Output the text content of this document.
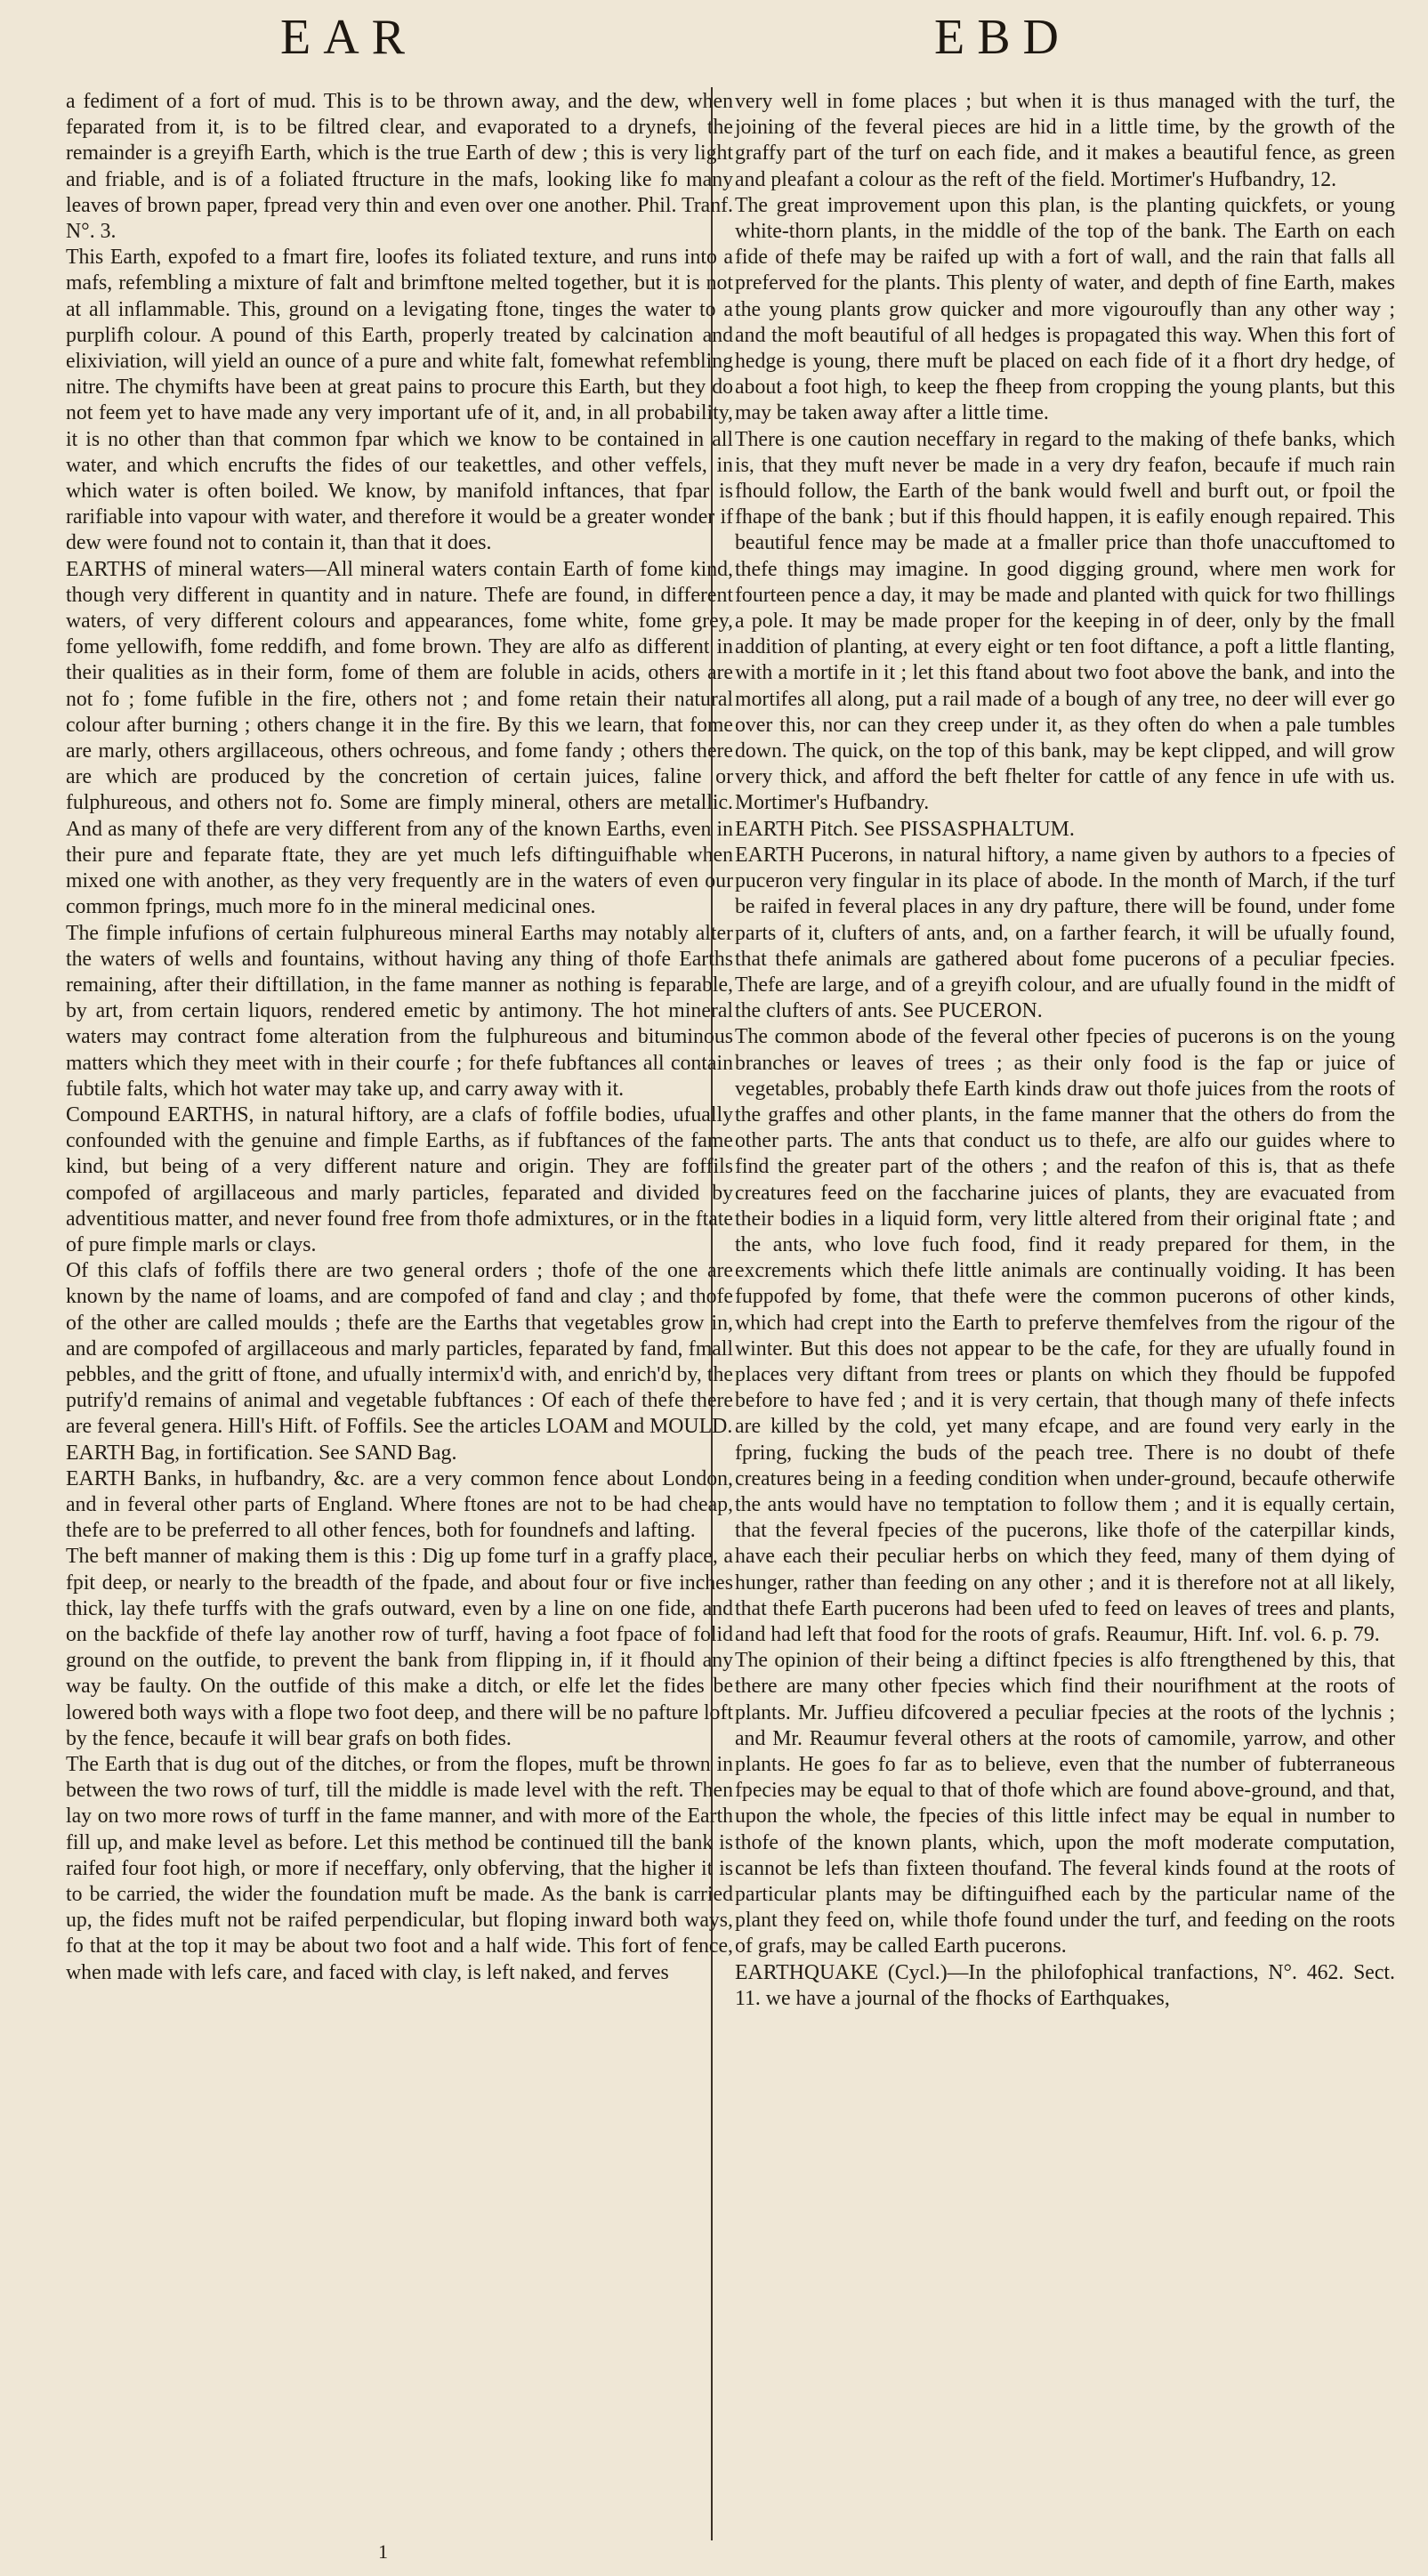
EAR	EBD

a fediment of a fort of mud. This is to be thrown away, and the dew, when feparated from it, is to be filtred clear, and evaporated to a drynefs, the remainder is a greyifh Earth, which is the true Earth of dew ; this is very light and friable, and is of a foliated ftructure in the mafs, looking like fo many leaves of brown paper, fpread very thin and even over one another. Phil. Tranf. N°. 3.

This Earth, expofed to a fmart fire, loofes its foliated texture, and runs into a mafs, refembling a mixture of falt and brimftone melted together, but it is not at all inflammable. This, ground on a levigating ftone, tinges the water to a purplifh colour. A pound of this Earth, properly treated by calcination and elixiviation, will yield an ounce of a pure and white falt, fomewhat refembling nitre. The chymifts have been at great pains to procure this Earth, but they do not feem yet to have made any very important ufe of it, and, in all probability, it is no other than that common fpar which we know to be contained in all water, and which encrufts the fides of our teakettles, and other veffels, in which water is often boiled. We know, by manifold inftances, that fpar is rarifiable into vapour with water, and therefore it would be a greater wonder if dew were found not to contain it, than that it does.

EARTHS of mineral waters—All mineral waters contain Earth of fome kind, though very different in quantity and in nature. Thefe are found, in different waters, of very different colours and appearances, fome white, fome grey, fome yellowifh, fome reddifh, and fome brown. They are alfo as different in their qualities as in their form, fome of them are foluble in acids, others are not fo ; fome fufible in the fire, others not ; and fome retain their natural colour after burning ; others change it in the fire. By this we learn, that fome are marly, others argillaceous, others ochreous, and fome fandy ; others there are which are produced by the concretion of certain juices, faline or fulphureous, and others not fo. Some are fimply mineral, others are metallic. And as many of thefe are very different from any of the known Earths, even in their pure and feparate ftate, they are yet much lefs diftinguifhable when mixed one with another, as they very frequently are in the waters of even our common fprings, much more fo in the mineral medicinal ones.

The fimple infufions of certain fulphureous mineral Earths may notably alter the waters of wells and fountains, without having any thing of thofe Earths remaining, after their diftillation, in the fame manner as nothing is feparable, by art, from certain liquors, rendered emetic by antimony. The hot mineral waters may contract fome alteration from the fulphureous and bituminous matters which they meet with in their courfe ; for thefe fubftances all contain fubtile falts, which hot water may take up, and carry away with it.

Compound EARTHS, in natural hiftory, are a clafs of foffile bodies, ufually confounded with the genuine and fimple Earths, as if fubftances of the fame kind, but being of a very different nature and origin. They are foffils compofed of argillaceous and marly particles, feparated and divided by adventitious matter, and never found free from thofe admixtures, or in the ftate of pure fimple marls or clays.

Of this clafs of foffils there are two general orders ; thofe of the one are known by the name of loams, and are compofed of fand and clay ; and thofe of the other are called moulds ; thefe are the Earths that vegetables grow in, and are compofed of argillaceous and marly particles, feparated by fand, fmall pebbles, and the gritt of ftone, and ufually intermix'd with, and enrich'd by, the putrify'd remains of animal and vegetable fubftances : Of each of thefe there are feveral genera. Hill's Hift. of Foffils. See the articles LOAM and MOULD.

EARTH Bag, in fortification. See SAND Bag.

EARTH Banks, in hufbandry, &c. are a very common fence about London, and in feveral other parts of England. Where ftones are not to be had cheap, thefe are to be preferred to all other fences, both for foundnefs and lafting.

The beft manner of making them is this : Dig up fome turf in a graffy place, a fpit deep, or nearly to the breadth of the fpade, and about four or five inches thick, lay thefe turffs with the grafs outward, even by a line on one fide, and on the backfide of thefe lay another row of turff, having a foot fpace of folid ground on the outfide, to prevent the bank from flipping in, if it fhould any way be faulty. On the outfide of this make a ditch, or elfe let the fides be lowered both ways with a flope two foot deep, and there will be no pafture loft by the fence, becaufe it will bear grafs on both fides.

The Earth that is dug out of the ditches, or from the flopes, muft be thrown in between the two rows of turf, till the middle is made level with the reft. Then lay on two more rows of turff in the fame manner, and with more of the Earth fill up, and make level as before. Let this method be continued till the bank is raifed four foot high, or more if neceffary, only obferving, that the higher it is to be carried, the wider the foundation muft be made. As the bank is carried up, the fides muft not be raifed perpendicular, but floping inward both ways, fo that at the top it may be about two foot and a half wide. This fort of fence, when made with lefs care, and faced with clay, is left naked, and ferves

very well in fome places ; but when it is thus managed with the turf, the joining of the feveral pieces are hid in a little time, by the growth of the graffy part of the turf on each fide, and it makes a beautiful fence, as green and pleafant a colour as the reft of the field. Mortimer's Hufbandry, 12.

The great improvement upon this plan, is the planting quickfets, or young white-thorn plants, in the middle of the top of the bank. The Earth on each fide of thefe may be raifed up with a fort of wall, and the rain that falls all preferved for the plants. This plenty of water, and depth of fine Earth, makes the young plants grow quicker and more vigouroufly than any other way ; and the moft beautiful of all hedges is propagated this way. When this fort of hedge is young, there muft be placed on each fide of it a fhort dry hedge, of about a foot high, to keep the fheep from cropping the young plants, but this may be taken away after a little time.

There is one caution neceffary in regard to the making of thefe banks, which is, that they muft never be made in a very dry feafon, becaufe if much rain fhould follow, the Earth of the bank would fwell and burft out, or fpoil the fhape of the bank ; but if this fhould happen, it is eafily enough repaired. This beautiful fence may be made at a fmaller price than thofe unaccuftomed to thefe things may imagine. In good digging ground, where men work for fourteen pence a day, it may be made and planted with quick for two fhillings a pole. It may be made proper for the keeping in of deer, only by the fmall addition of planting, at every eight or ten foot diftance, a poft a little flanting, with a mortife in it ; let this ftand about two foot above the bank, and into the mortifes all along, put a rail made of a bough of any tree, no deer will ever go over this, nor can they creep under it, as they often do when a pale tumbles down. The quick, on the top of this bank, may be kept clipped, and will grow very thick, and afford the beft fhelter for cattle of any fence in ufe with us. Mortimer's Hufbandry.

EARTH Pitch. See PISSASPHALTUM.

EARTH Pucerons, in natural hiftory, a name given by authors to a fpecies of puceron very fingular in its place of abode. In the month of March, if the turf be raifed in feveral places in any dry pafture, there will be found, under fome parts of it, clufters of ants, and, on a farther fearch, it will be ufually found, that thefe animals are gathered about fome pucerons of a peculiar fpecies. Thefe are large, and of a greyifh colour, and are ufually found in the midft of the clufters of ants. See PUCERON.

The common abode of the feveral other fpecies of pucerons is on the young branches or leaves of trees ; as their only food is the fap or juice of vegetables, probably thefe Earth kinds draw out thofe juices from the roots of the graffes and other plants, in the fame manner that the others do from the other parts. The ants that conduct us to thefe, are alfo our guides where to find the greater part of the others ; and the reafon of this is, that as thefe creatures feed on the faccharine juices of plants, they are evacuated from their bodies in a liquid form, very little altered from their original ftate ; and the ants, who love fuch food, find it ready prepared for them, in the excrements which thefe little animals are continually voiding. It has been fuppofed by fome, that thefe were the common pucerons of other kinds, which had crept into the Earth to preferve themfelves from the rigour of the winter. But this does not appear to be the cafe, for they are ufually found in places very diftant from trees or plants on which they fhould be fuppofed before to have fed ; and it is very certain, that though many of thefe infects are killed by the cold, yet many efcape, and are found very early in the fpring, fucking the buds of the peach tree. There is no doubt of thefe creatures being in a feeding condition when under-ground, becaufe otherwife the ants would have no temptation to follow them ; and it is equally certain, that the feveral fpecies of the pucerons, like thofe of the caterpillar kinds, have each their peculiar herbs on which they feed, many of them dying of hunger, rather than feeding on any other ; and it is therefore not at all likely, that thefe Earth pucerons had been ufed to feed on leaves of trees and plants, and had left that food for the roots of grafs. Reaumur, Hift. Inf. vol. 6. p. 79.

The opinion of their being a diftinct fpecies is alfo ftrengthened by this, that there are many other fpecies which find their nourifhment at the roots of plants. Mr. Juffieu difcovered a peculiar fpecies at the roots of the lychnis ; and Mr. Reaumur feveral others at the roots of camomile, yarrow, and other plants. He goes fo far as to believe, even that the number of fubterraneous fpecies may be equal to that of thofe which are found above-ground, and that, upon the whole, the fpecies of this little infect may be equal in number to thofe of the known plants, which, upon the moft moderate computation, cannot be lefs than fixteen thoufand. The feveral kinds found at the roots of particular plants may be diftinguifhed each by the particular name of the plant they feed on, while thofe found under the turf, and feeding on the roots of grafs, may be called Earth pucerons.

EARTHQUAKE (Cycl.)—In the philofophical tranfactions, N°. 462. Sect. 11. we have a journal of the fhocks of Earthquakes,

1
